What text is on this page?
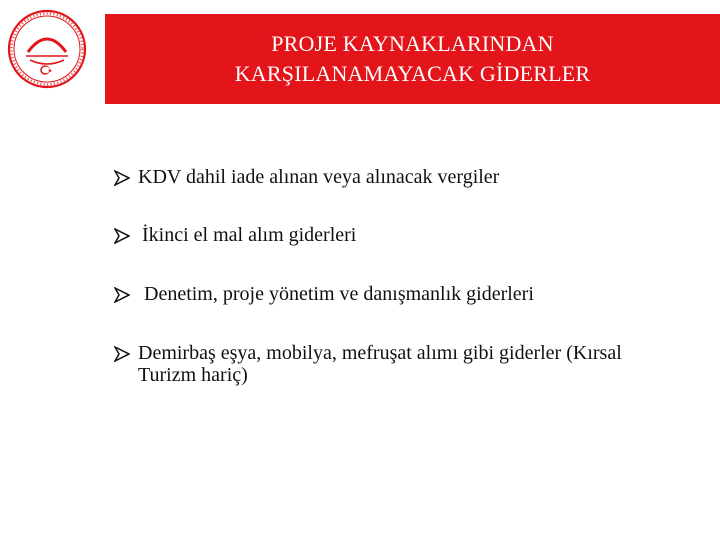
PROJE KAYNAKLARINDAN
KARŞILANAMAYACAK GİDERLER
KDV dahil iade alınan veya alınacak vergiler
İkinci el mal alım giderleri
Denetim, proje yönetim ve danışmanlık giderleri
Demirbaş eşya, mobilya, mefruşat alımı gibi giderler (Kırsal Turizm hariç)
